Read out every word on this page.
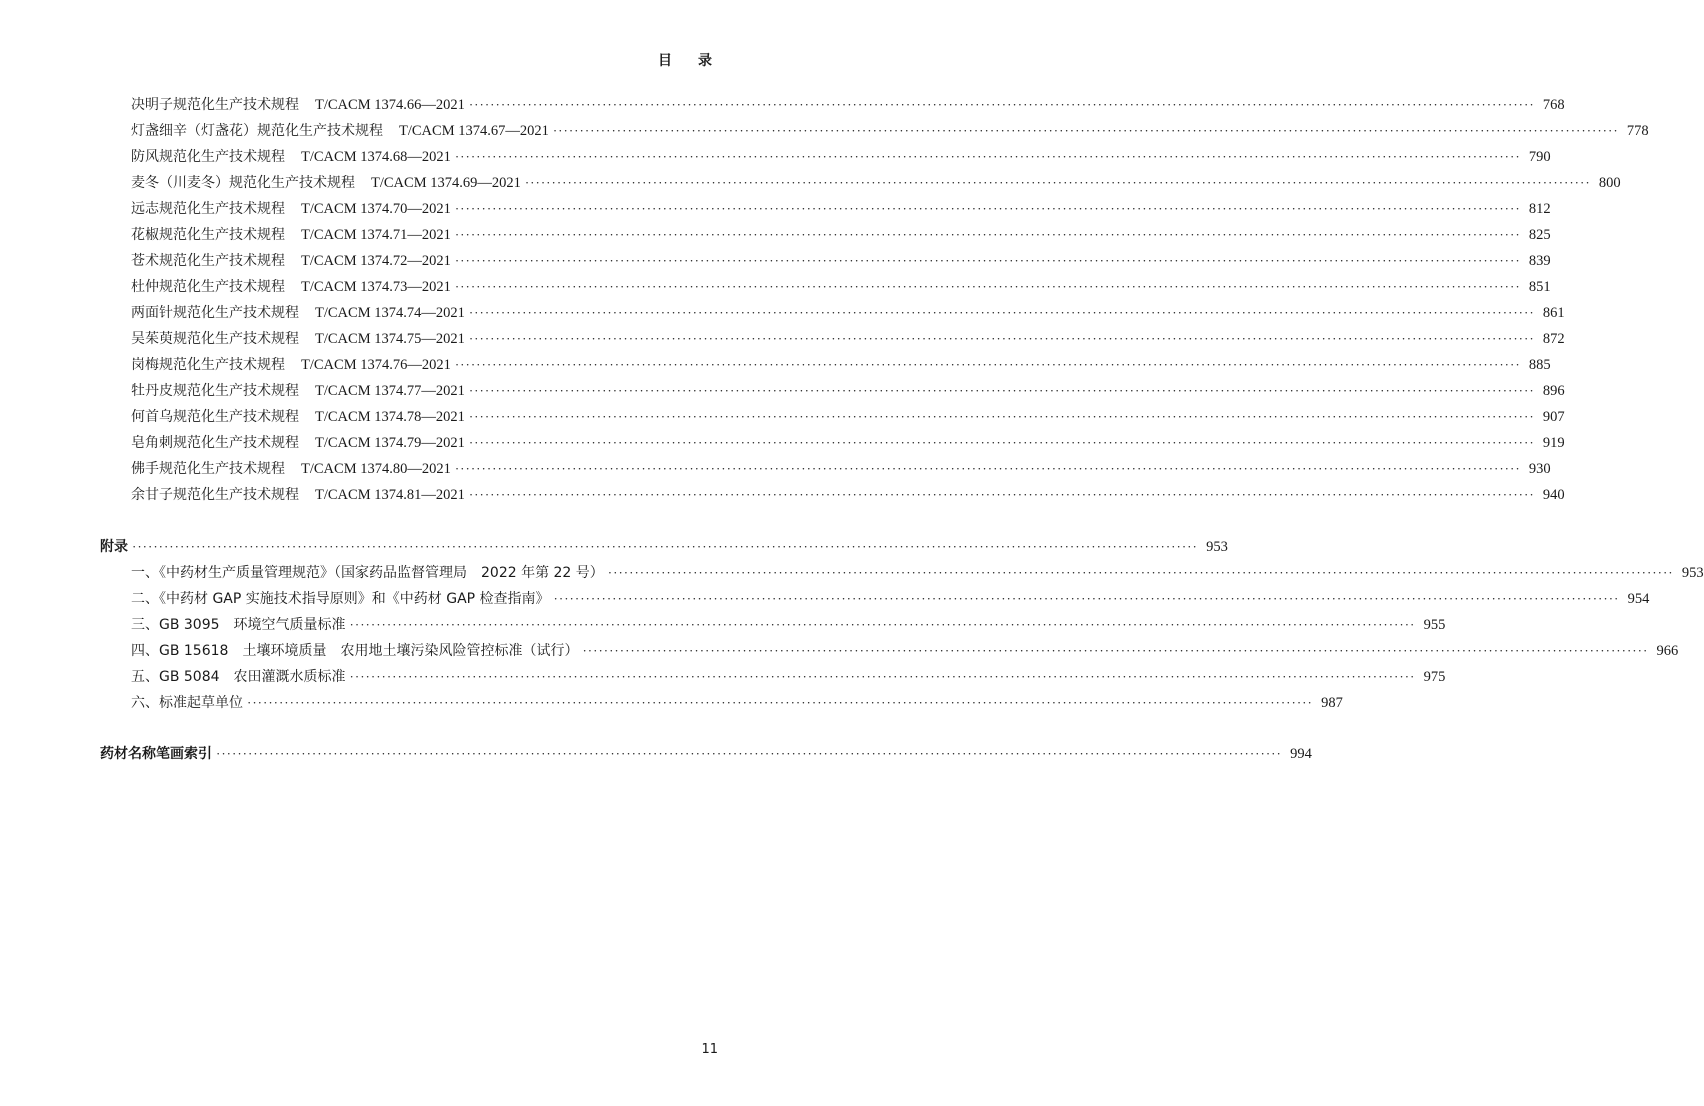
目　录
决明子规范化生产技术规程 T/CACM 1374.66—2021 ········································································································································································································ 768
灯盏细辛（灯盏花）规范化生产技术规程 T/CACM 1374.67—2021 ········································································································································································································ 778
防风规范化生产技术规程 T/CACM 1374.68—2021 ········································································································································································································ 790
麦冬（川麦冬）规范化生产技术规程 T/CACM 1374.69—2021 ········································································································································································································ 800
远志规范化生产技术规程 T/CACM 1374.70—2021 ········································································································································································································ 812
花椒规范化生产技术规程 T/CACM 1374.71—2021 ········································································································································································································ 825
苍术规范化生产技术规程 T/CACM 1374.72—2021 ········································································································································································································ 839
杜仲规范化生产技术规程 T/CACM 1374.73—2021 ········································································································································································································ 851
两面针规范化生产技术规程 T/CACM 1374.74—2021 ········································································································································································································ 861
吴茱萸规范化生产技术规程 T/CACM 1374.75—2021 ········································································································································································································ 872
岗梅规范化生产技术规程 T/CACM 1374.76—2021 ········································································································································································································ 885
牡丹皮规范化生产技术规程 T/CACM 1374.77—2021 ········································································································································································································ 896
何首乌规范化生产技术规程 T/CACM 1374.78—2021 ········································································································································································································ 907
皂角刺规范化生产技术规程 T/CACM 1374.79—2021 ········································································································································································································ 919
佛手规范化生产技术规程 T/CACM 1374.80—2021 ········································································································································································································ 930
余甘子规范化生产技术规程 T/CACM 1374.81—2021 ········································································································································································································ 940
附录 ········································································································································································································ 953
一、《中药材生产质量管理规范》（国家药品监督管理局　2022 年第 22 号） ········································································································································································································ 953
二、《中药材 GAP 实施技术指导原则》和《中药材 GAP 检查指南》 ········································································································································································································ 954
三、GB 3095　环境空气质量标准 ········································································································································································································ 955
四、GB 15618　土壤环境质量　农用地土壤污染风险管控标准（试行） ········································································································································································································ 966
五、GB 5084　农田灌溉水质标准 ········································································································································································································ 975
六、标准起草单位 ········································································································································································································ 987
药材名称笔画索引 ········································································································································································································ 994
11
